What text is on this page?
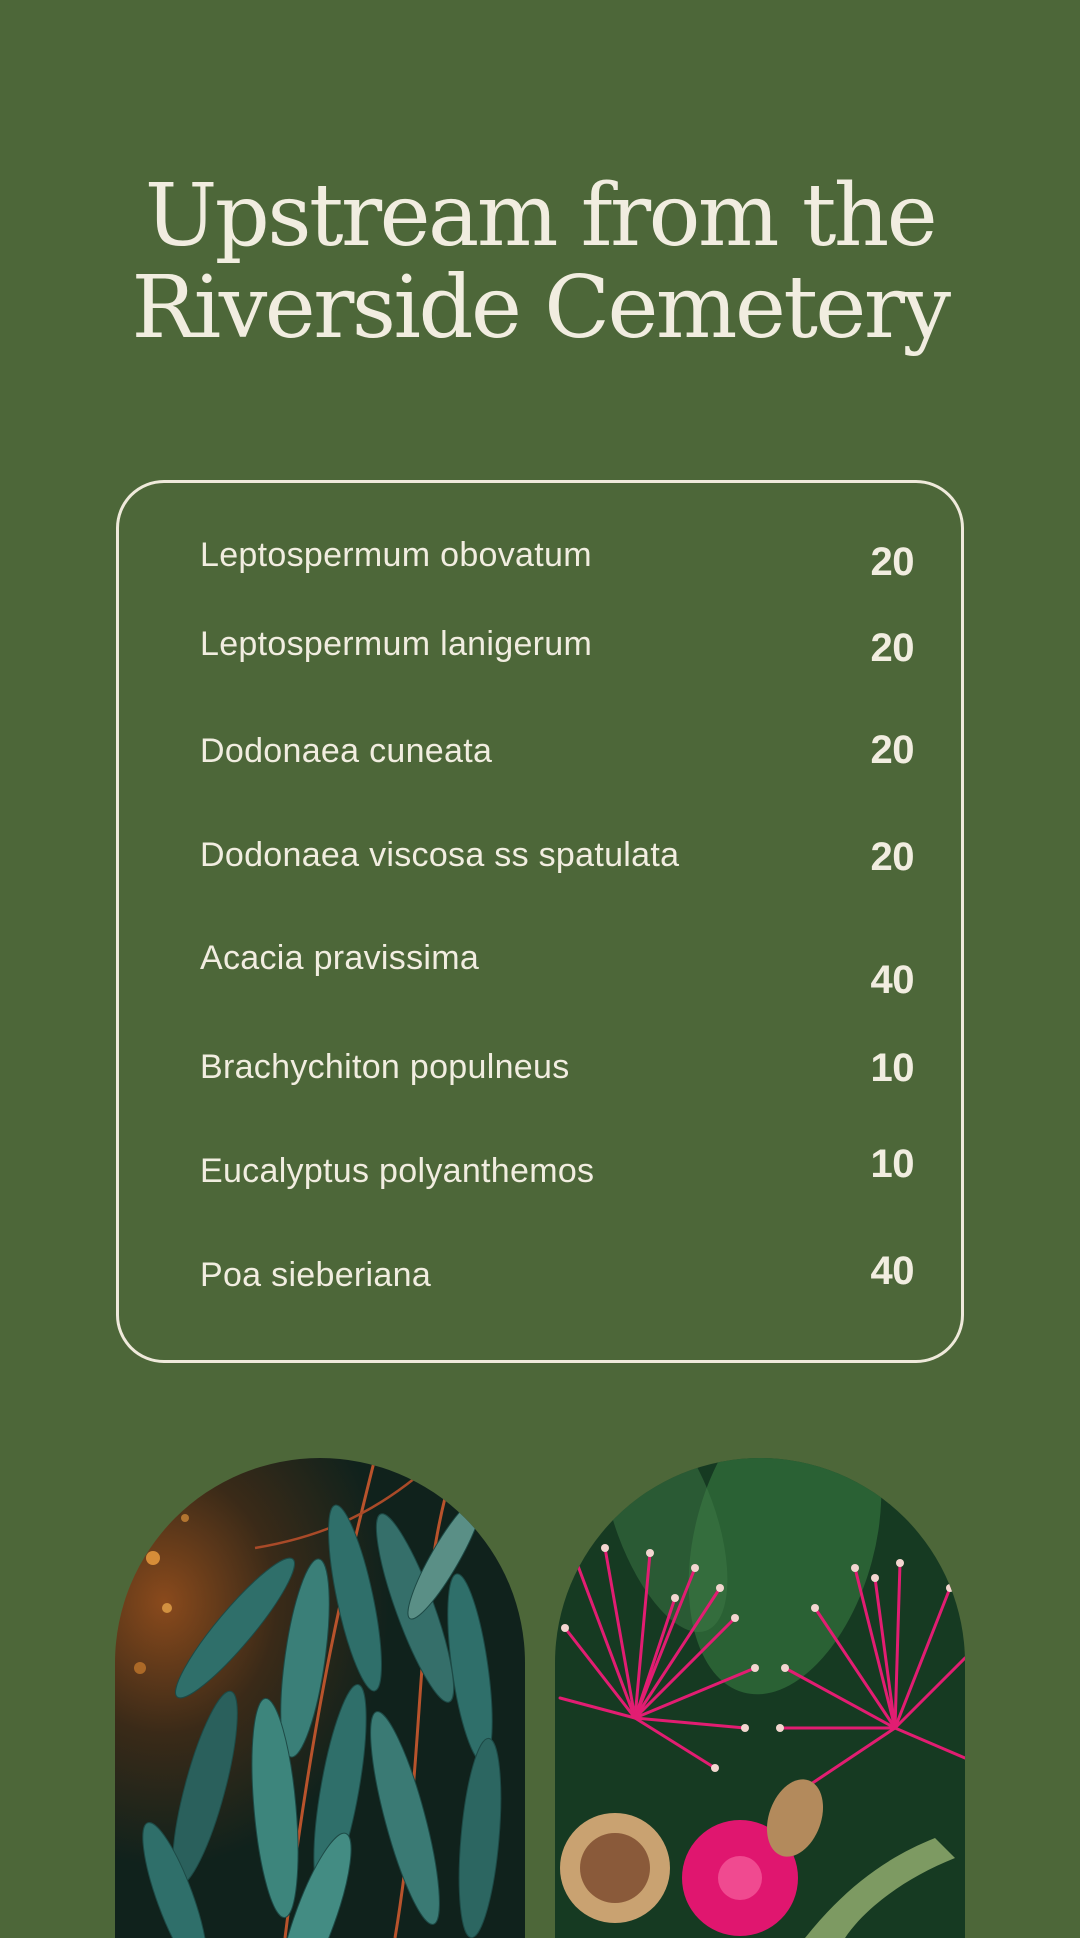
Upstream from the
Riverside Cemetery
Leptospermum obovatum	20
Leptospermum lanigerum	20
Dodonaea cuneata	20
Dodonaea viscosa ss spatulata	20
Acacia pravissima	40
Brachychiton populneus	10
Eucalyptus polyanthemos	10
Poa sieberiana	40
